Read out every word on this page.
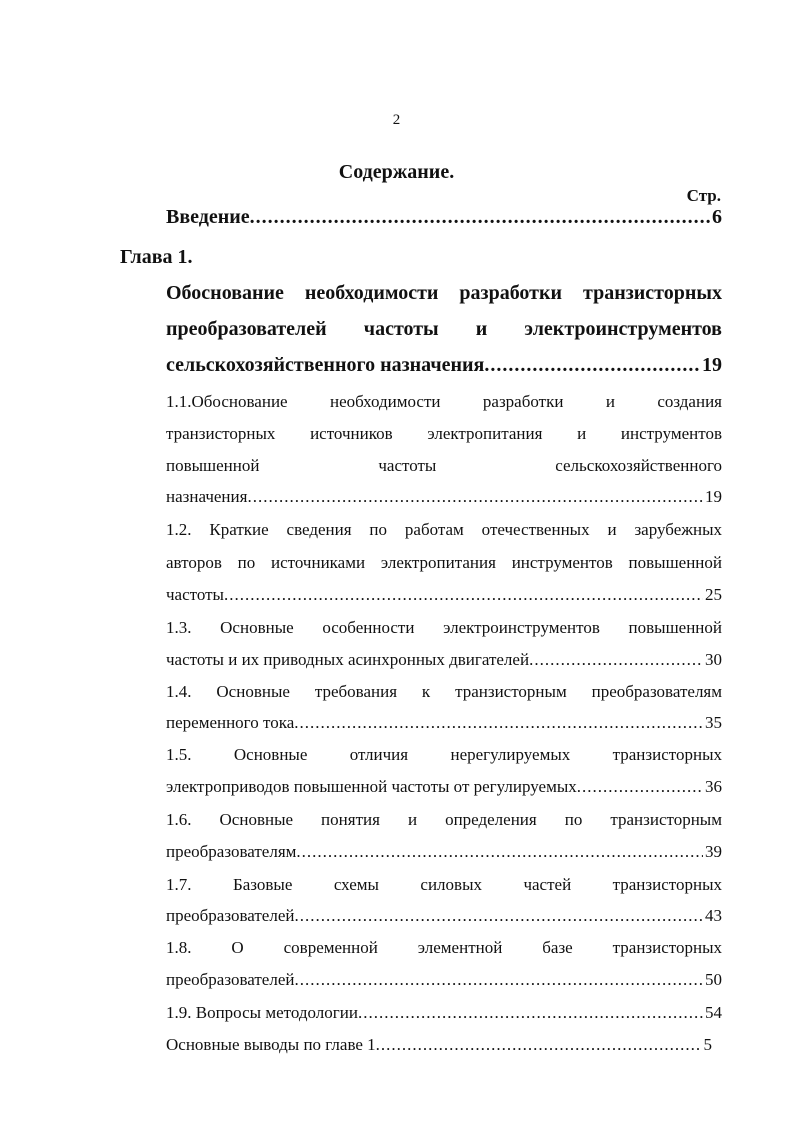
2
Содержание.
Стр.
Введение .....	6
Глава 1.
Обоснование необходимости разработки транзисторных
преобразователей частоты и электроинструментов
сельскохозяйственного назначения .....	19
1.1.Обоснование необходимости разработки и создания
транзисторных источников электропитания и инструментов
повышенной частоты сельскохозяйственного
назначения .....	19
1.2. Краткие сведения по работам отечественных и зарубежных
авторов по источниками электропитания инструментов повышенной
частоты .....	25
1.3. Основные особенности электроинструментов повышенной
частоты и их приводных асинхронных двигателей .....	30
1.4. Основные требования к транзисторным преобразователям
переменного тока .....	35
1.5. Основные отличия нерегулируемых транзисторных
электроприводов повышенной частоты от регулируемых .....	36
1.6. Основные понятия и определения по транзисторным
преобразователям .....	39
1.7. Базовые схемы силовых частей транзисторных
преобразователей .....	43
1.8. О современной элементной базе транзисторных
преобразователей .....	50
1.9. Вопросы методологии .....	54
Основные выводы по главе 1 .....	5
